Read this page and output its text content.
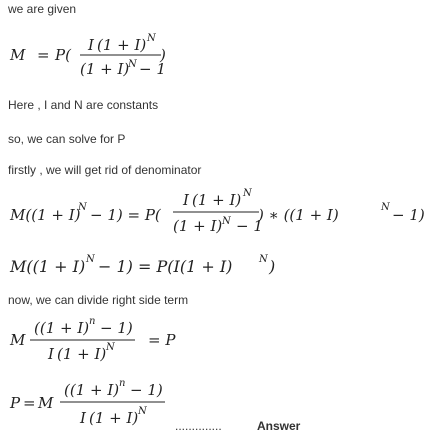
we are given
Here , I and N are constants
so, we can solve for P
firstly , we will get rid of denominator
now, we can divide right side term
M = P(
I (1 + I) N
(1 + I)
N − 1
)
M((1 + I)
N − 1) = P(
I (1 + I) N
(1 + I) N − 1
) ∗ ((1 + I)	N − 1)
M((1 + I) N − 1) = P(I(1 + I)	N )
M
((1 + I) n − 1)
I (1 + I) N = P
P = M
((1 + I) n − 1)
I (1 + I) N
..............	Answer
